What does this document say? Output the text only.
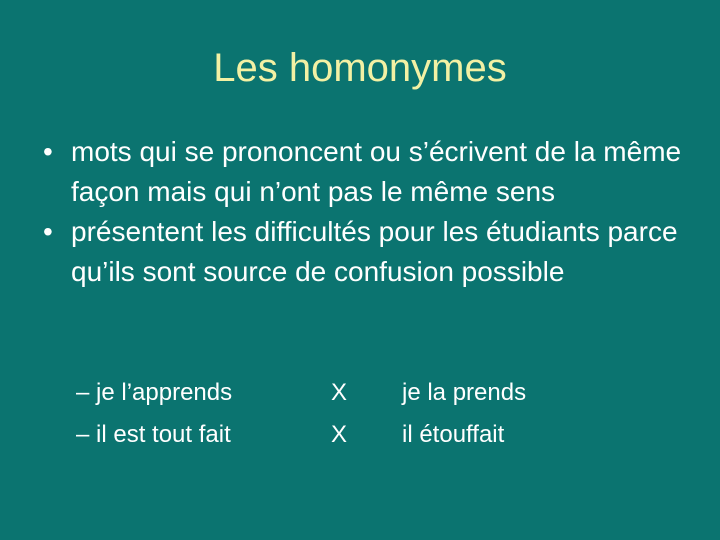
Les homonymes
• mots qui se prononcent ou s’écrivent de la même façon mais qui n’ont pas le même sens
• présentent les difficultés pour les étudiants parce qu’ils sont source de confusion possible
– je l’apprends	X je la prends
– il est tout fait	X il étouffait
